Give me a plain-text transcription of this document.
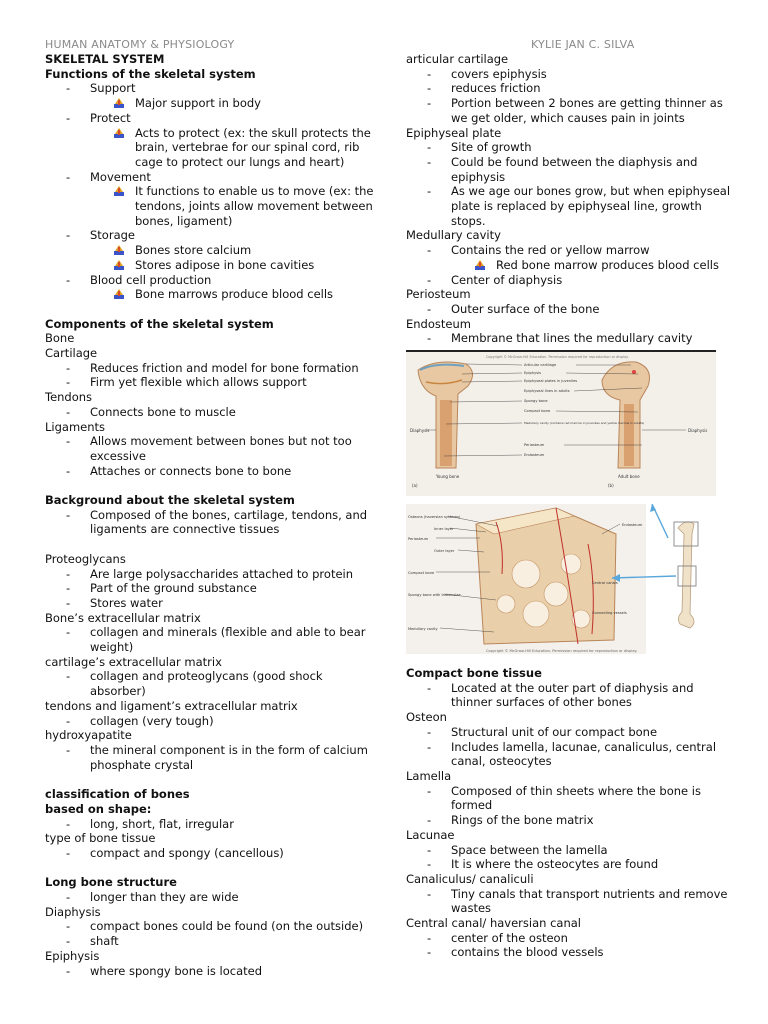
HUMAN ANATOMY & PHYSIOLOGY	KYLIE JAN C. SILVA
SKELETAL SYSTEM
Functions of the skeletal system
- Support
Major support in body
- Protect
Acts to protect (ex: the skull protects the brain, vertebrae for our spinal cord, rib cage to protect our lungs and heart)
- Movement
It functions to enable us to move (ex: the tendons, joints allow movement between bones, ligament)
- Storage
Bones store calcium
Stores adipose in bone cavities
- Blood cell production
Bone marrows produce blood cells
Components of the skeletal system
Bone
Cartilage
- Reduces friction and model for bone formation
- Firm yet flexible which allows support
Tendons
- Connects bone to muscle
Ligaments
- Allows movement between bones but not too excessive
- Attaches or connects bone to bone
Background about the skeletal system
- Composed of the bones, cartilage, tendons, and ligaments are connective tissues
Proteoglycans
- Are large polysaccharides attached to protein
- Part of the ground substance
- Stores water
Bone’s extracellular matrix
- collagen and minerals (flexible and able to bear weight)
cartilage’s extracellular matrix
- collagen and proteoglycans (good shock absorber)
tendons and ligament’s extracellular matrix
- collagen (very tough)
hydroxyapatite
- the mineral component is in the form of calcium phosphate crystal
classification of bones
based on shape:
- long, short, flat, irregular
type of bone tissue
- compact and spongy (cancellous)
Long bone structure
- longer than they are wide
Diaphysis
- compact bones could be found (on the outside)
- shaft
Epiphysis
- where spongy bone is located
articular cartilage
- covers epiphysis
- reduces friction
- Portion between 2 bones are getting thinner as we get older, which causes pain in joints
Epiphyseal plate
- Site of growth
- Could be found between the diaphysis and epiphysis
- As we age our bones grow, but when epiphyseal plate is replaced by epiphyseal line, growth stops.
Medullary cavity
- Contains the red or yellow marrow
Red bone marrow produces blood cells
- Center of diaphysis
Periosteum
- Outer surface of the bone
Endosteum
- Membrane that lines the medullary cavity
Copyright © McGraw-Hill Education. Permission required for reproduction or display.
Young bone
(a)
Diaphysis
Adult bone
(b)
Diaphysis
Articular cartilage
Epiphysis
Epiphyseal plates in juveniles
Epiphyseal lines in adults
Spongy bone
Compact bone
Medullary cavity (contains red marrow in juveniles and yellow marrow in adults)
Periosteum
Endosteum
Osteons (haversian systems)
Inner layer
Periosteum
Outer layer
Compact bone
Spongy bone with trabeculae
Medullary cavity
Endosteum
Central canals
Connecting vessels
Copyright © McGraw-Hill Education. Permission required for reproduction or display.
Compact bone tissue
- Located at the outer part of diaphysis and thinner surfaces of other bones
Osteon
- Structural unit of our compact bone
- Includes lamella, lacunae, canaliculus, central canal, osteocytes
Lamella
- Composed of thin sheets where the bone is formed
- Rings of the bone matrix
Lacunae
- Space between the lamella
- It is where the osteocytes are found
Canaliculus/ canaliculi
- Tiny canals that transport nutrients and remove wastes
Central canal/ haversian canal
- center of the osteon
- contains the blood vessels
